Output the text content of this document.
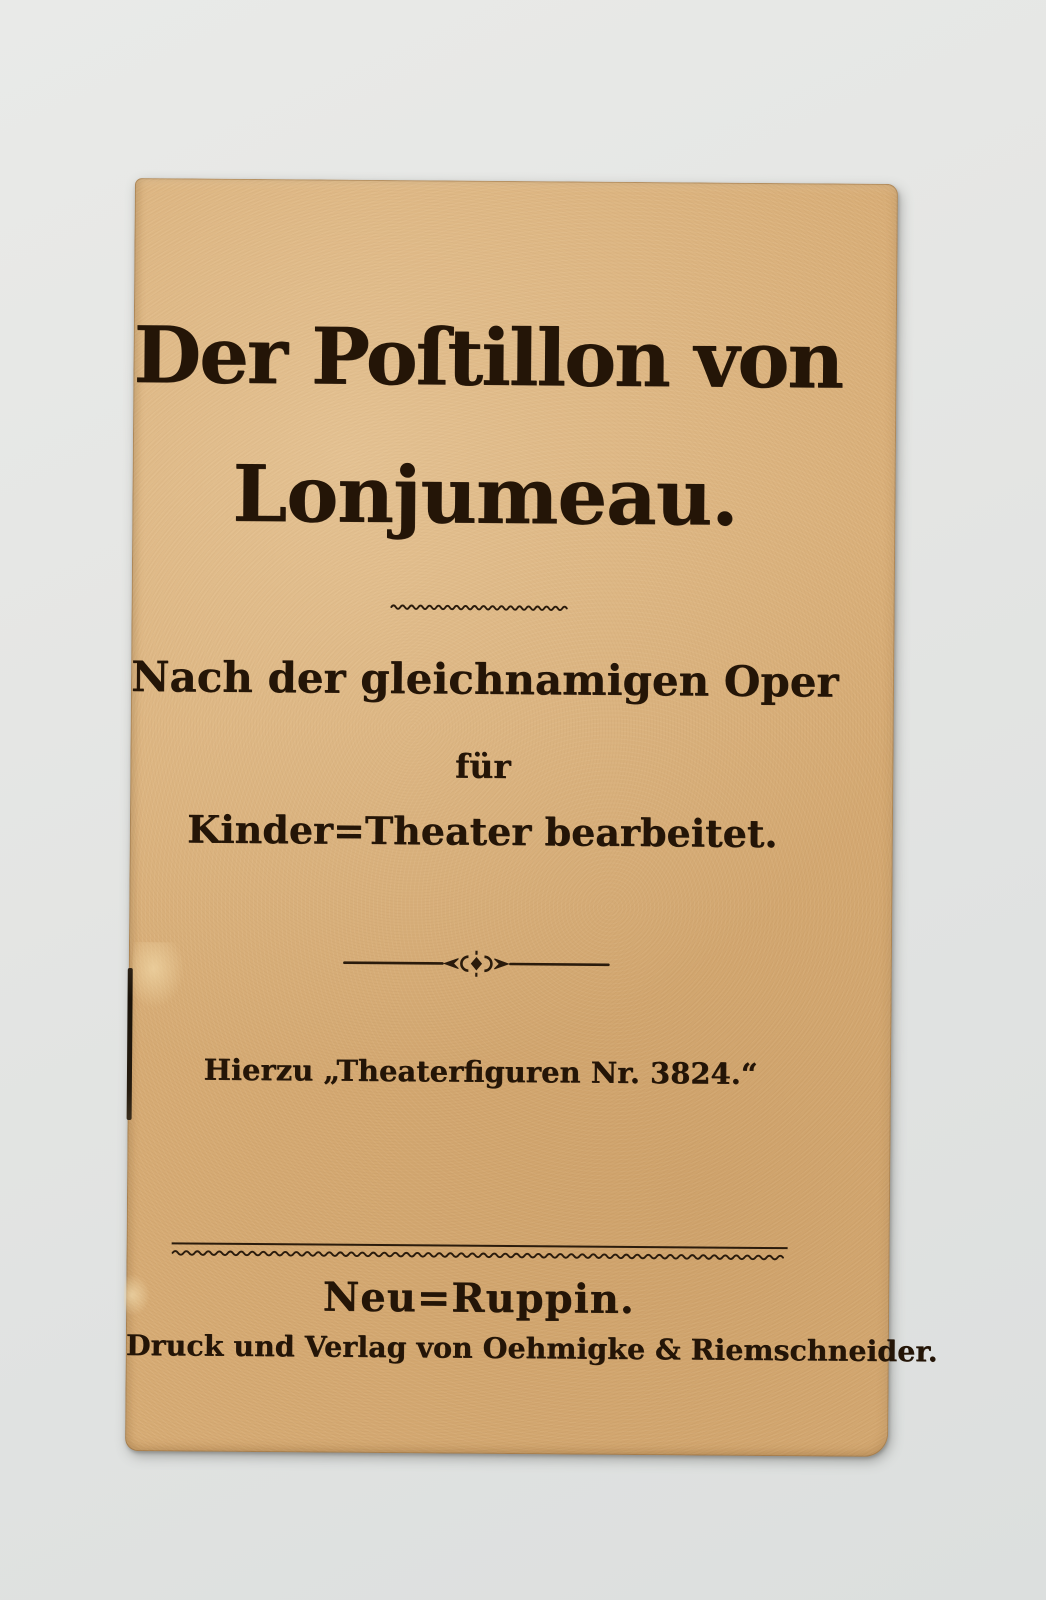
Der Poſtillon von
Lonjumeau.
Nach der gleichnamigen Oper
für
Kinder=Theater bearbeitet.
Hierzu „Theaterfiguren Nr. 3824.“
Neu=Ruppin.
Druck und Verlag von Oehmigke & Riemschneider.
